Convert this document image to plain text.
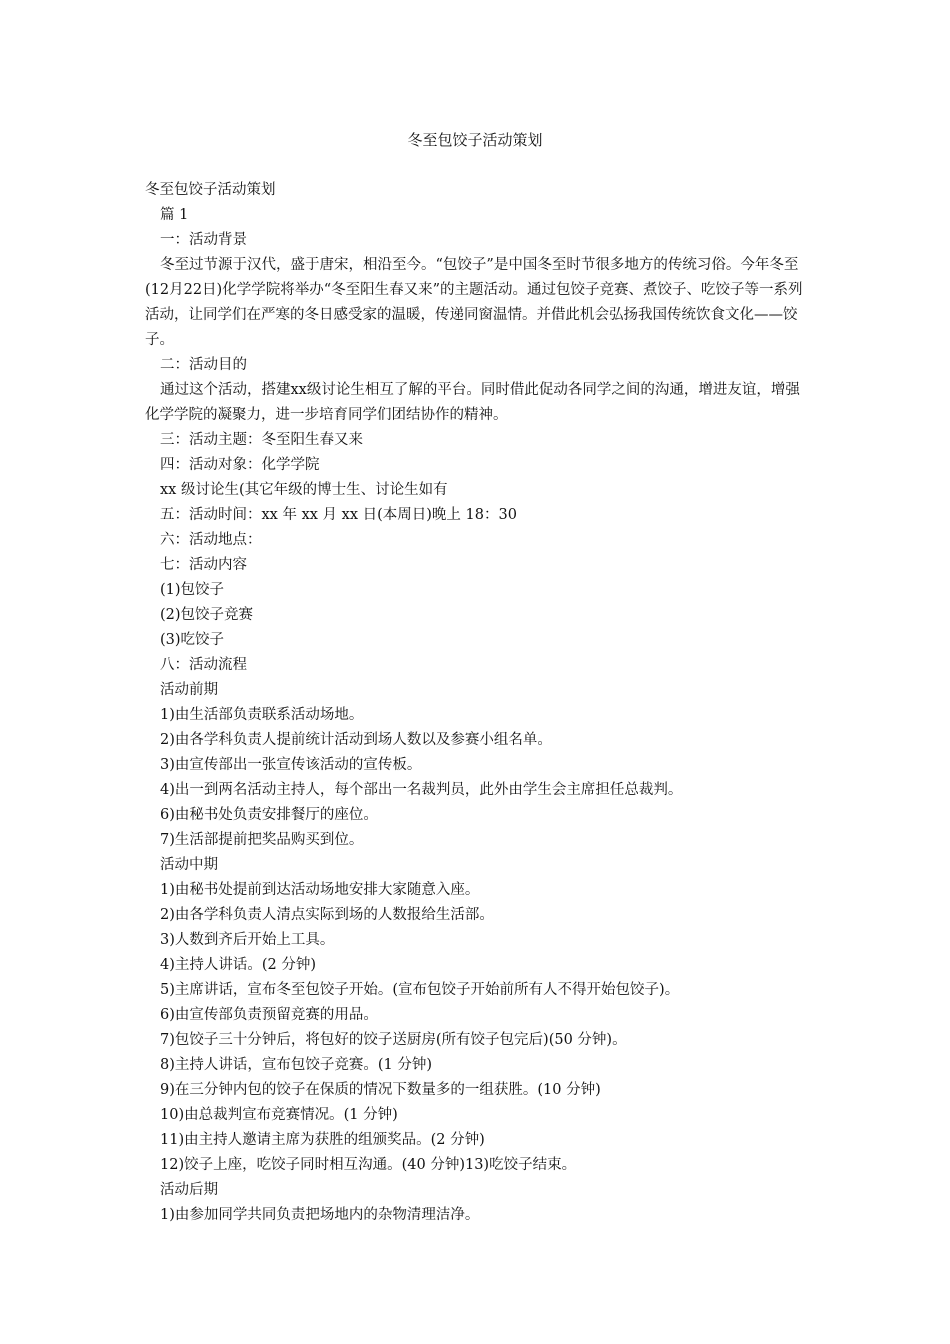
冬至包饺子活动策划
冬至包饺子活动策划
篇 1
一：活动背景
冬至过节源于汉代，盛于唐宋，相沿至今。“包饺子”是中国冬至时节很多地方的传统习俗。今年冬至(12月22日)化学学院将举办“冬至阳生春又来”的主题活动。通过包饺子竞赛、煮饺子、吃饺子等一系列活动，让同学们在严寒的冬日感受家的温暖，传递同窗温情。并借此机会弘扬我国传统饮食文化——饺子。
二：活动目的
通过这个活动，搭建xx级讨论生相互了解的平台。同时借此促动各同学之间的沟通，增进友谊，增强化学学院的凝聚力，进一步培育同学们团结协作的精神。
三：活动主题：冬至阳生春又来
四：活动对象：化学学院
xx 级讨论生(其它年级的博士生、讨论生如有
五：活动时间：xx 年 xx 月 xx 日(本周日)晚上 18：30
六：活动地点：
七：活动内容
(1)包饺子
(2)包饺子竞赛
(3)吃饺子
八：活动流程
活动前期
1)由生活部负责联系活动场地。
2)由各学科负责人提前统计活动到场人数以及参赛小组名单。
3)由宣传部出一张宣传该活动的宣传板。
4)出一到两名活动主持人，每个部出一名裁判员，此外由学生会主席担任总裁判。
6)由秘书处负责安排餐厅的座位。
7)生活部提前把奖品购买到位。
活动中期
1)由秘书处提前到达活动场地安排大家随意入座。
2)由各学科负责人清点实际到场的人数报给生活部。
3)人数到齐后开始上工具。
4)主持人讲话。(2 分钟)
5)主席讲话，宣布冬至包饺子开始。(宣布包饺子开始前所有人不得开始包饺子)。
6)由宣传部负责预留竞赛的用品。
7)包饺子三十分钟后，将包好的饺子送厨房(所有饺子包完后)(50 分钟)。
8)主持人讲话，宣布包饺子竞赛。(1 分钟)
9)在三分钟内包的饺子在保质的情况下数量多的一组获胜。(10 分钟)
10)由总裁判宣布竞赛情况。(1 分钟)
11)由主持人邀请主席为获胜的组颁奖品。(2 分钟)
12)饺子上座，吃饺子同时相互沟通。(40 分钟)13)吃饺子结束。
活动后期
1)由参加同学共同负责把场地内的杂物清理洁净。
